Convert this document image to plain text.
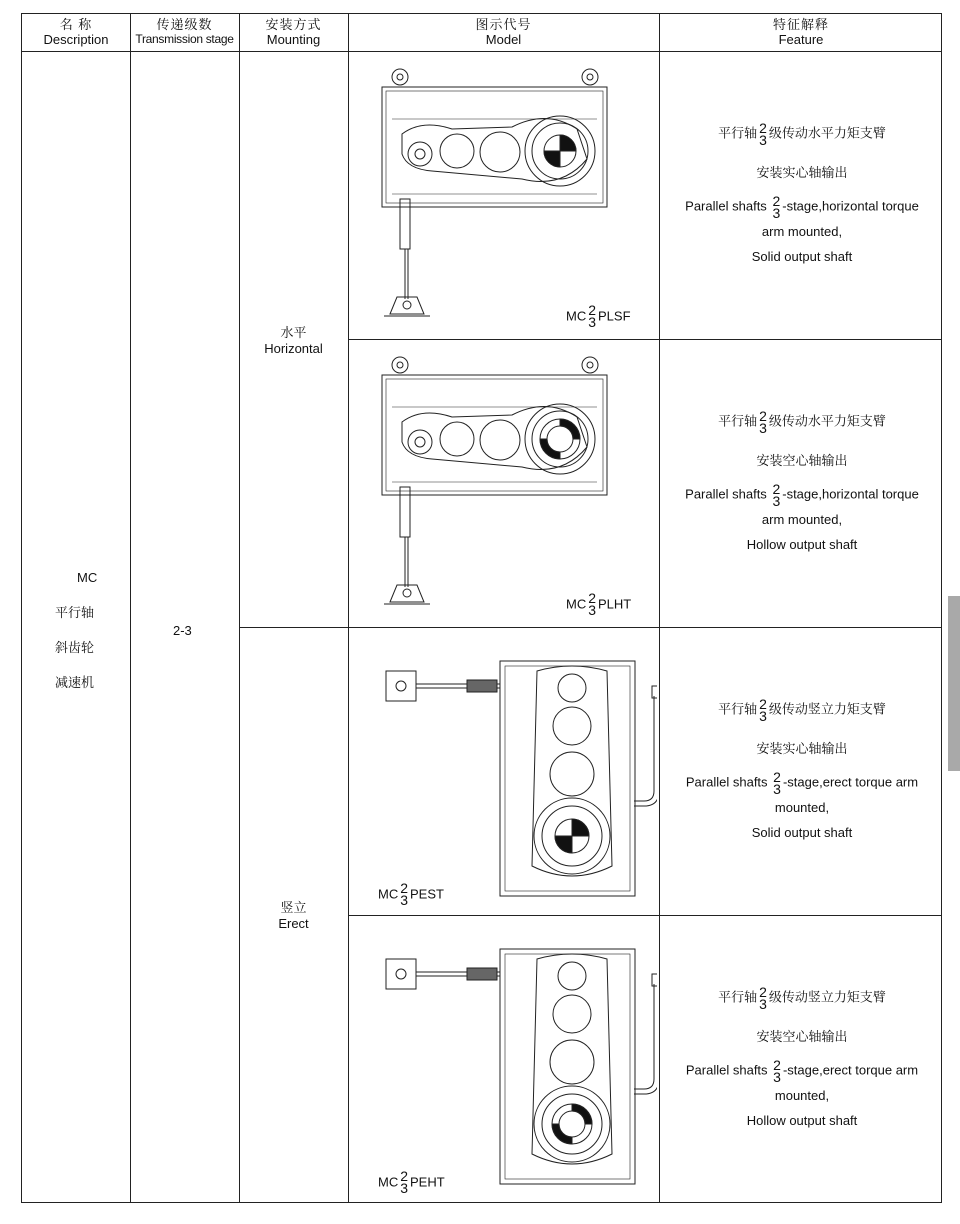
名 称
Description
传递级数
Transmission stage
安装方式
Mounting
图示代号
Model
特征解释
Feature
MC
平行轴
斜齿轮
减速机
2-3
水平
Horizontal
竖立
Erect
MC 2
3 PLSF
MC 2
3 PLHT
MC 2
3 PEST
MC 2
3 PEHT
平行轴 2
3 级传动水平力矩支臂
安装实心轴输出
Parallel shafts 2
3 -stage,horizontal torque
arm mounted,
Solid output shaft
平行轴 2
3 级传动水平力矩支臂
安装空心轴输出
Parallel shafts 2
3 -stage,horizontal torque
arm mounted,
Hollow output shaft
平行轴 2
3 级传动竖立力矩支臂
安装实心轴输出
Parallel shafts 2
3 -stage,erect torque arm
mounted,
Solid output shaft
平行轴 2
3 级传动竖立力矩支臂
安装空心轴输出
Parallel shafts 2
3 -stage,erect torque arm
mounted,
Hollow output shaft
